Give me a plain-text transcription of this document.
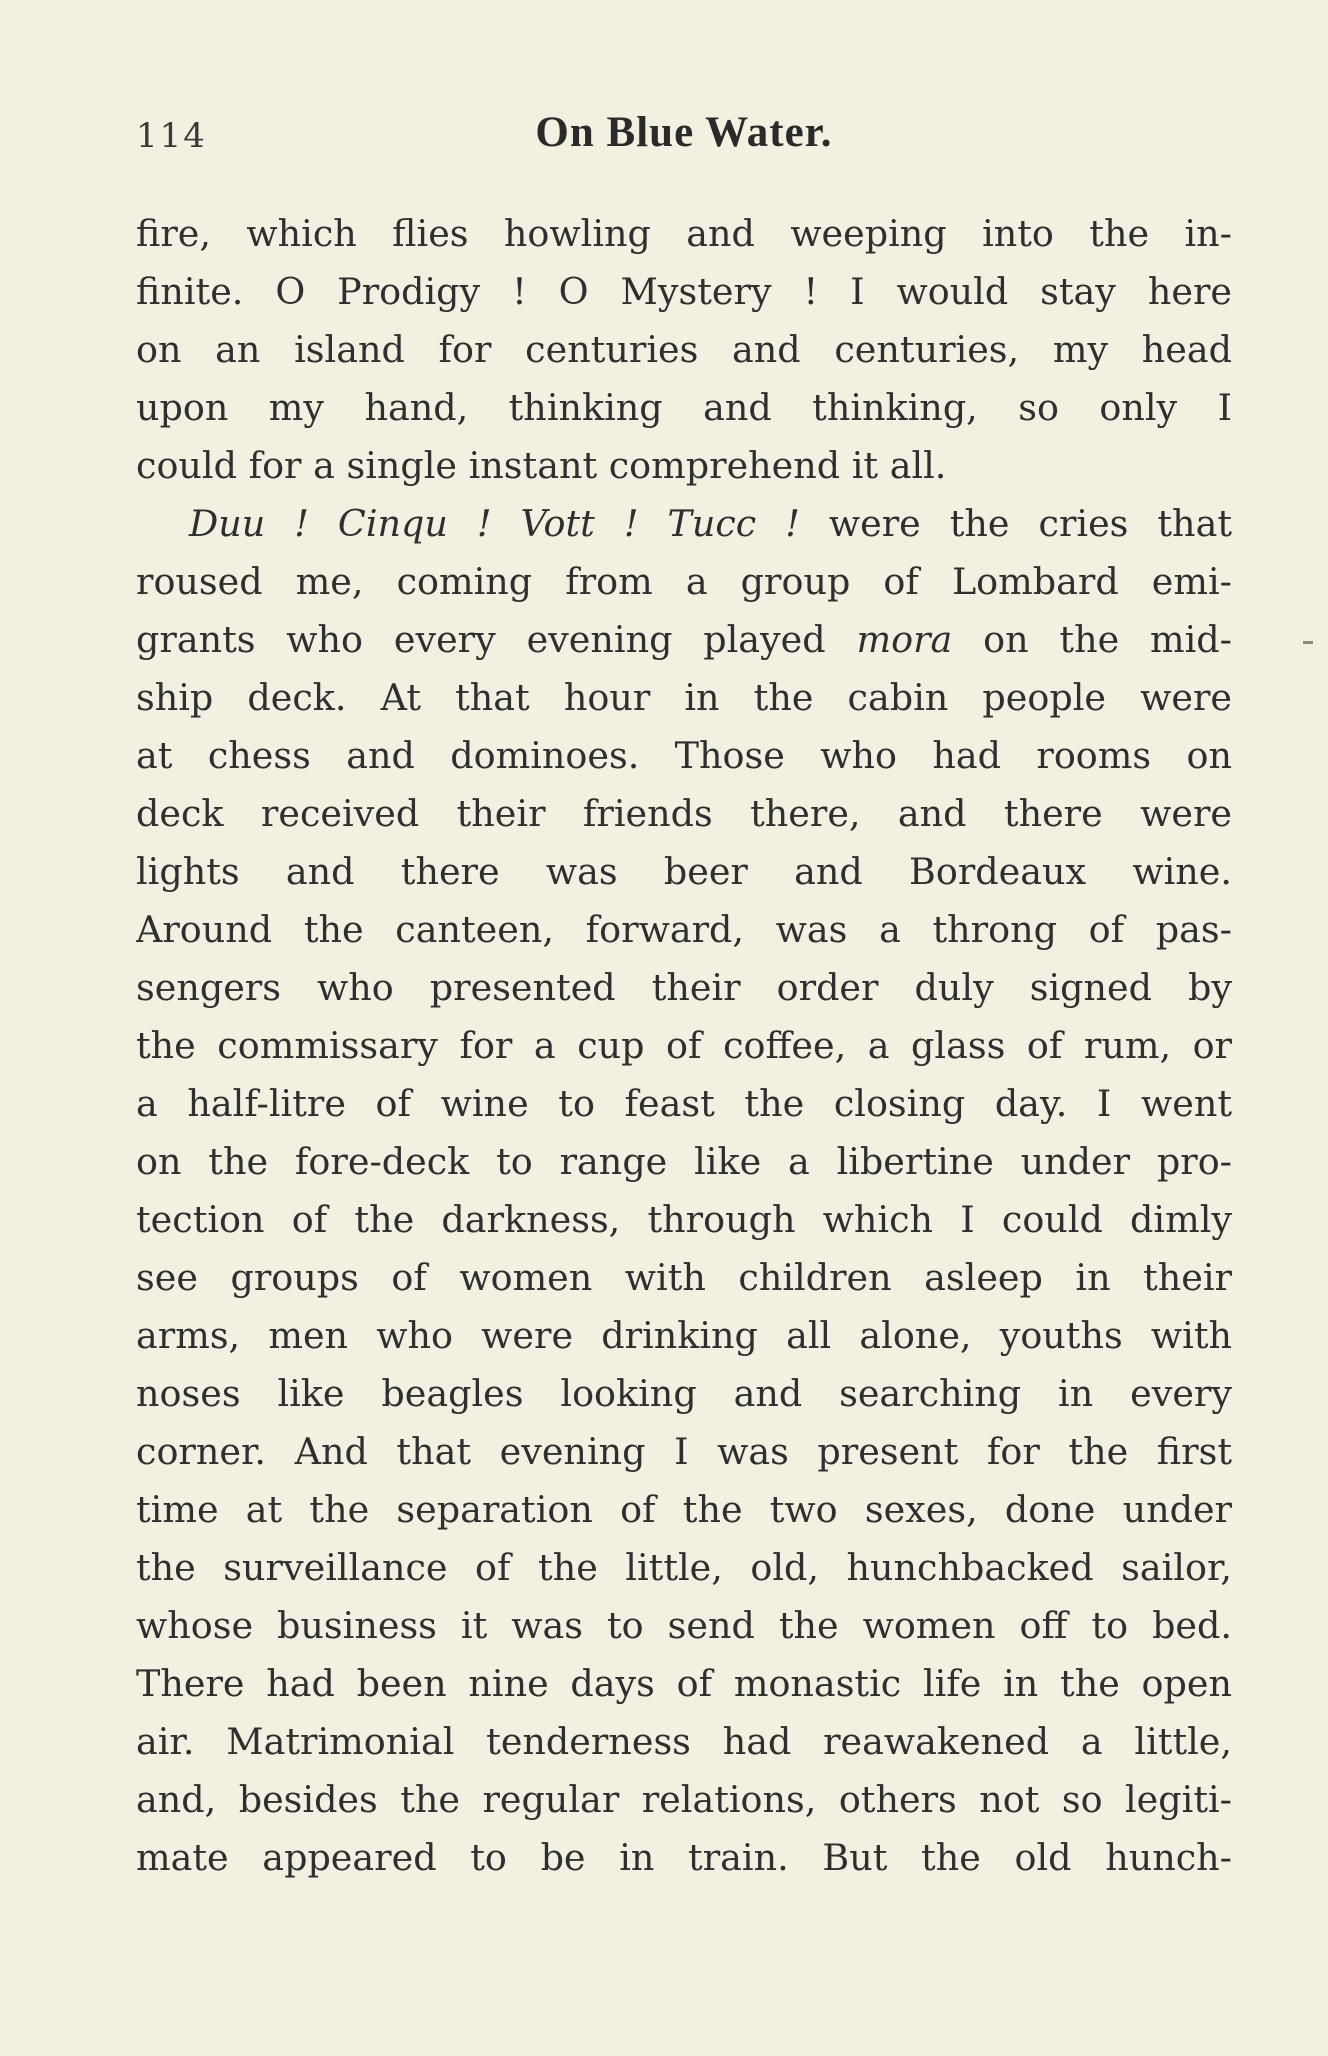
114	On Blue Water.
fire, which flies howling and weeping into the in-
finite. O Prodigy ! O Mystery ! I would stay here
on an island for centuries and centuries, my head
upon my hand, thinking and thinking, so only I
could for a single instant comprehend it all.
Duu ! Cinqu ! Vott ! Tucc ! were the cries that
roused me, coming from a group of Lombard emi-
grants who every evening played mora on the mid-
ship deck. At that hour in the cabin people were
at chess and dominoes. Those who had rooms on
deck received their friends there, and there were
lights and there was beer and Bordeaux wine.
Around the canteen, forward, was a throng of pas-
sengers who presented their order duly signed by
the commissary for a cup of coffee, a glass of rum, or
a half-litre of wine to feast the closing day. I went
on the fore-deck to range like a libertine under pro-
tection of the darkness, through which I could dimly
see groups of women with children asleep in their
arms, men who were drinking all alone, youths with
noses like beagles looking and searching in every
corner. And that evening I was present for the first
time at the separation of the two sexes, done under
the surveillance of the little, old, hunchbacked sailor,
whose business it was to send the women off to bed.
There had been nine days of monastic life in the open
air. Matrimonial tenderness had reawakened a little,
and, besides the regular relations, others not so legiti-
mate appeared to be in train. But the old hunch-
